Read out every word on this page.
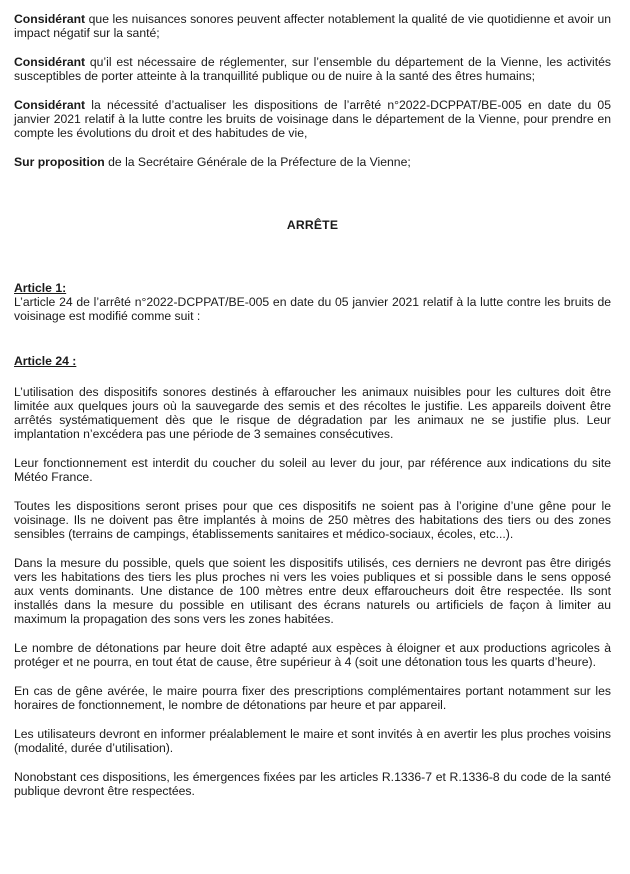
Considérant que les nuisances sonores peuvent affecter notablement la qualité de vie quotidienne et avoir un impact négatif sur la santé;

Considérant qu’il est nécessaire de réglementer, sur l’ensemble du département de la Vienne, les activités susceptibles de porter atteinte à la tranquillité publique ou de nuire à la santé des êtres humains;

Considérant la nécessité d’actualiser les dispositions de l’arrêté n°2022-DCPPAT/BE-005 en date du 05 janvier 2021 relatif à la lutte contre les bruits de voisinage dans le département de la Vienne, pour prendre en compte les évolutions du droit et des habitudes de vie,

Sur proposition de la Secrétaire Générale de la Préfecture de la Vienne;

ARRÊTE

Article 1:

L’article 24 de l’arrêté n°2022-DCPPAT/BE-005 en date du 05 janvier 2021 relatif à la lutte contre les bruits de voisinage est modifié comme suit :

Article 24 :

L’utilisation des dispositifs sonores destinés à effaroucher les animaux nuisibles pour les cultures doit être limitée aux quelques jours où la sauvegarde des semis et des récoltes le justifie. Les appareils doivent être arrêtés systématiquement dès que le risque de dégradation par les animaux ne se justifie plus. Leur implantation n’excédera pas une période de 3 semaines consécutives.

Leur fonctionnement est interdit du coucher du soleil au lever du jour, par référence aux indications du site Météo France.

Toutes les dispositions seront prises pour que ces dispositifs ne soient pas à l’origine d’une gêne pour le voisinage. Ils ne doivent pas être implantés à moins de 250 mètres des habitations des tiers ou des zones sensibles (terrains de campings, établissements sanitaires et médico-sociaux, écoles, etc...).

Dans la mesure du possible, quels que soient les dispositifs utilisés, ces derniers ne devront pas être dirigés vers les habitations des tiers les plus proches ni vers les voies publiques et si possible dans le sens opposé aux vents dominants. Une distance de 100 mètres entre deux effaroucheurs doit être respectée. Ils sont installés dans la mesure du possible en utilisant des écrans naturels ou artificiels de façon à limiter au maximum la propagation des sons vers les zones habitées.

Le nombre de détonations par heure doit être adapté aux espèces à éloigner et aux productions agricoles à protéger et ne pourra, en tout état de cause, être supérieur à 4 (soit une détonation tous les quarts d’heure).

En cas de gêne avérée, le maire pourra fixer des prescriptions complémentaires portant notamment sur les horaires de fonctionnement, le nombre de détonations par heure et par appareil.

Les utilisateurs devront en informer préalablement le maire et sont invités à en avertir les plus proches voisins (modalité, durée d’utilisation).

Nonobstant ces dispositions, les émergences fixées par les articles R.1336-7 et R.1336-8 du code de la santé publique devront être respectées.
